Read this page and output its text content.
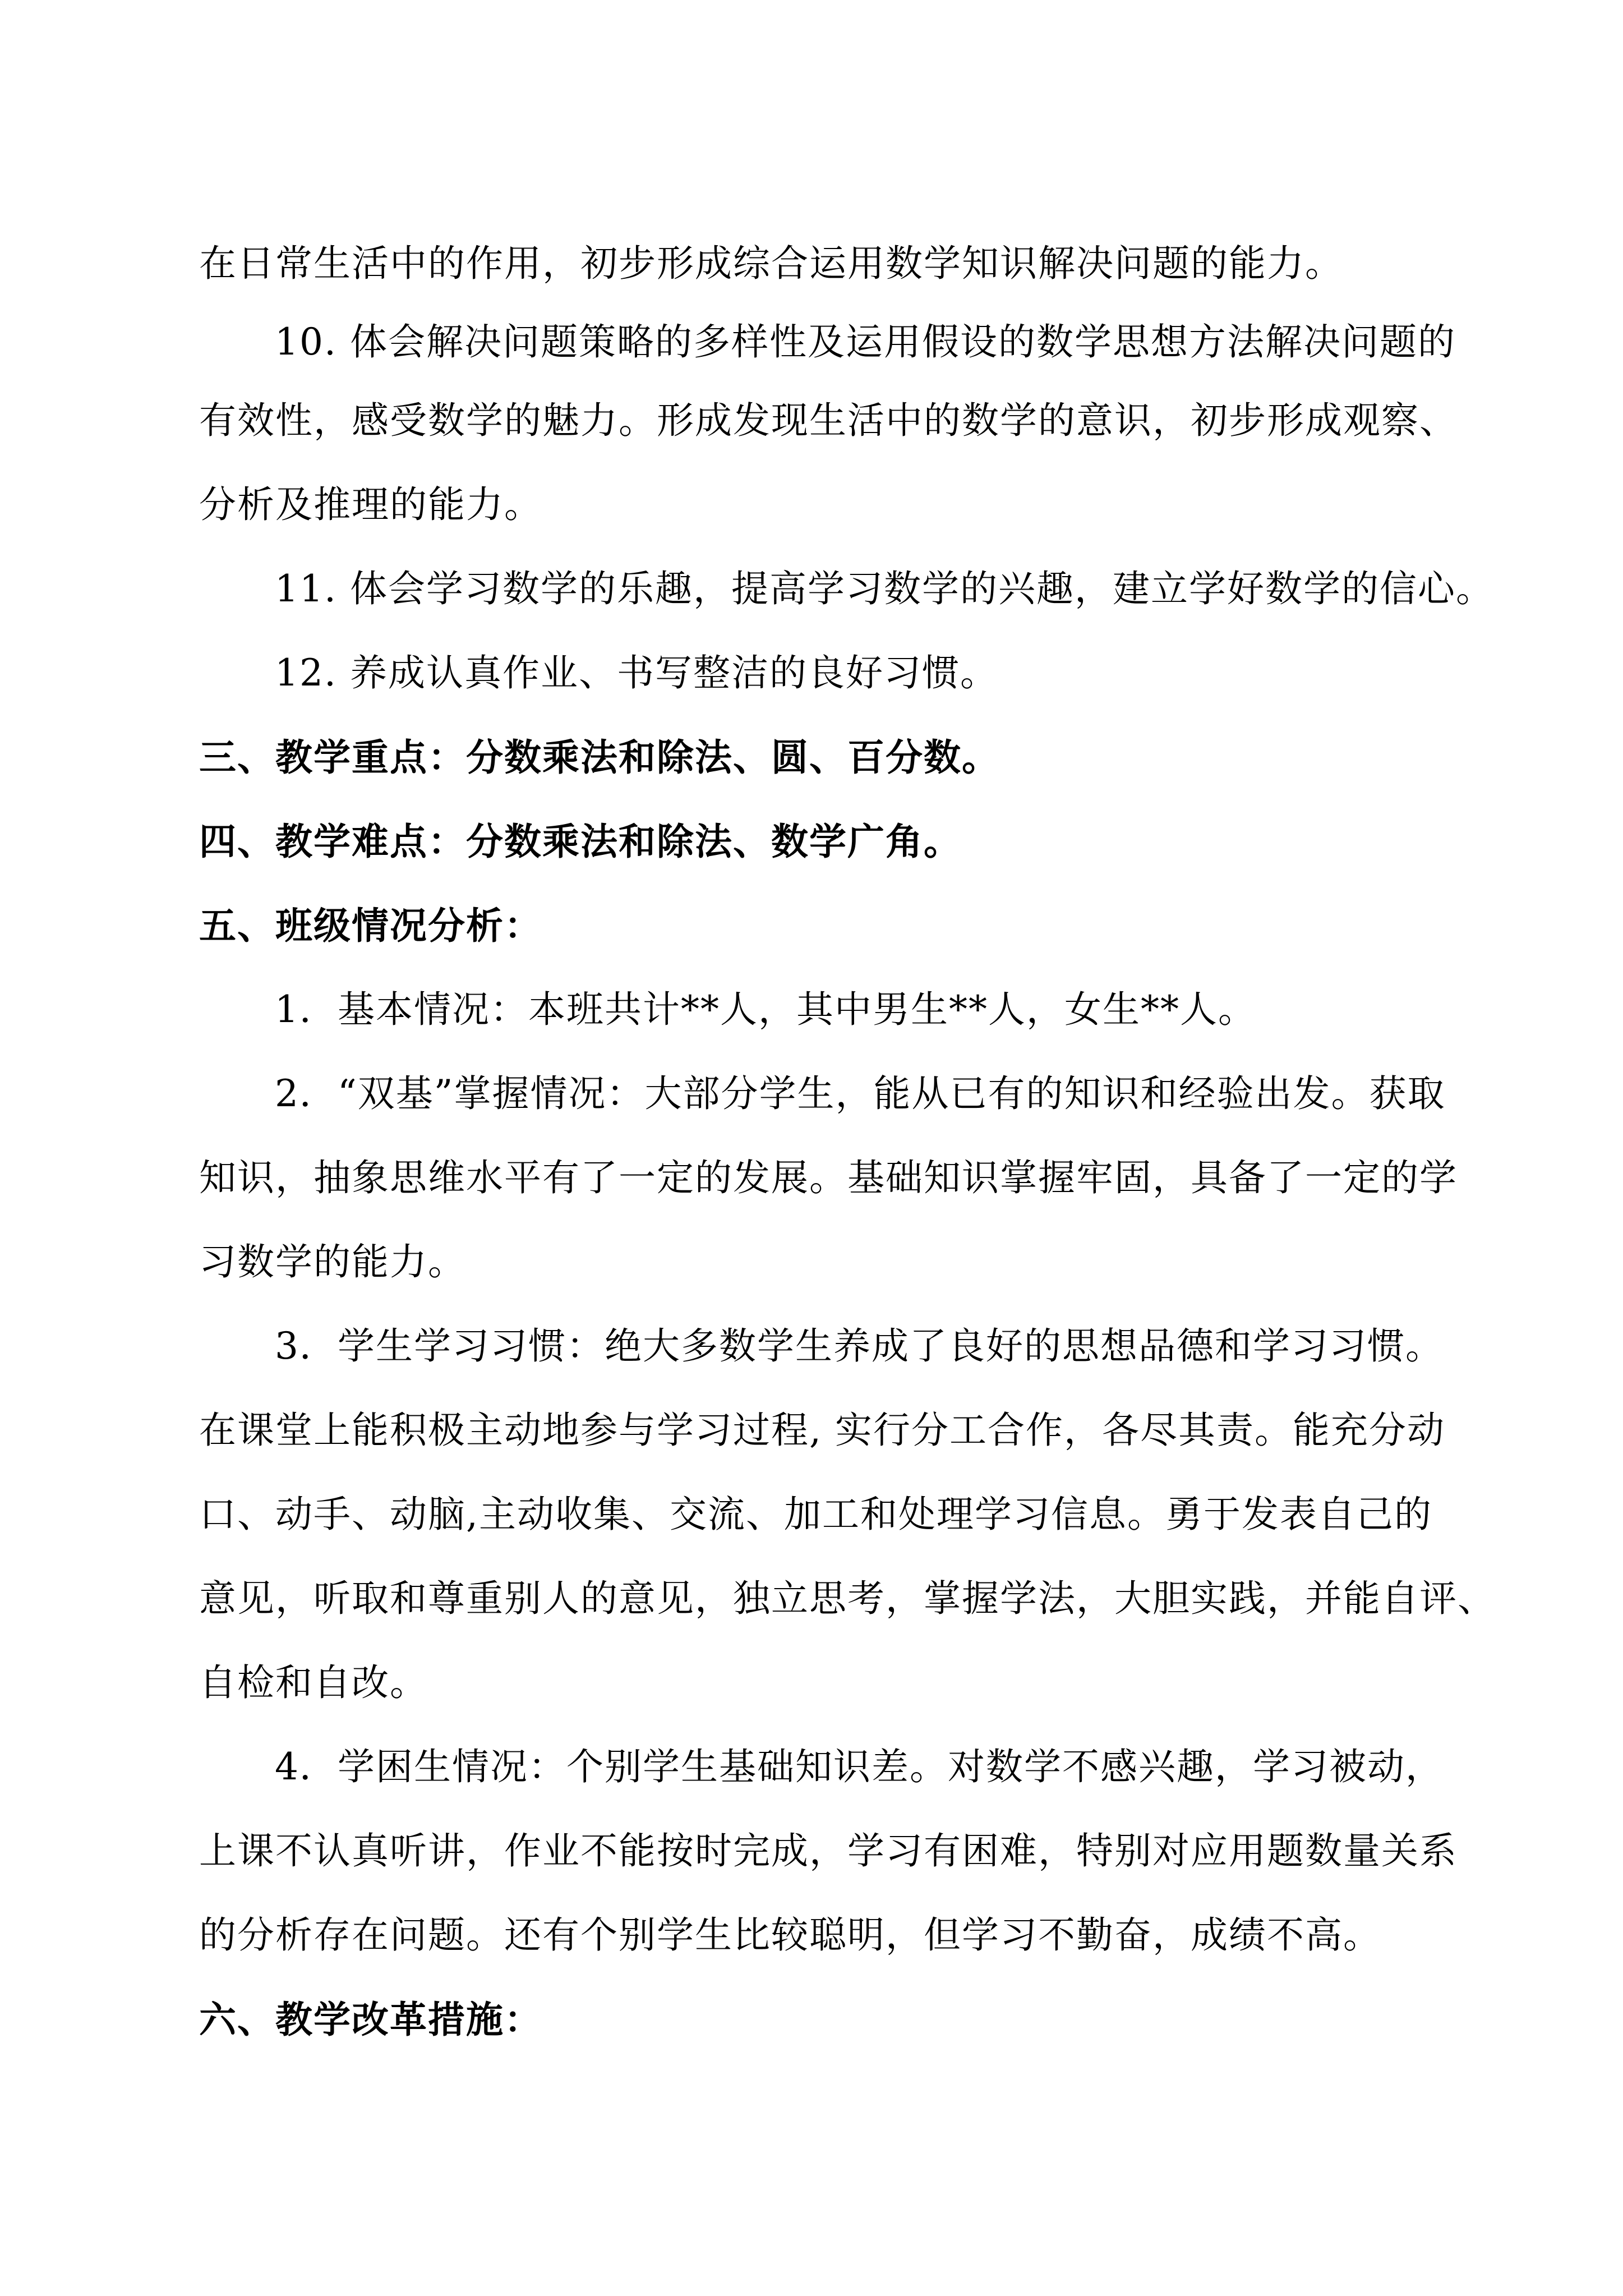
在日常生活中的作用，初步形成综合运用数学知识解决问题的能力。
10. 体会解决问题策略的多样性及运用假设的数学思想方法解决问题的
有效性，感受数学的魅力。形成发现生活中的数学的意识，初步形成观察、
分析及推理的能力。
11. 体会学习数学的乐趣，提高学习数学的兴趣，建立学好数学的信心。
12. 养成认真作业、书写整洁的良好习惯。
三、教学重点：分数乘法和除法、圆、百分数。
四、教学难点：分数乘法和除法、数学广角。
五、班级情况分析：
1．基本情况：本班共计**人，其中男生**人，女生**人。
2．“双基”掌握情况：大部分学生，能从已有的知识和经验出发。获取
知识，抽象思维水平有了一定的发展。基础知识掌握牢固，具备了一定的学
习数学的能力。
3．学生学习习惯：绝大多数学生养成了良好的思想品德和学习习惯。
在课堂上能积极主动地参与学习过程, 实行分工合作，各尽其责。能充分动
口、动手、动脑,主动收集、交流、加工和处理学习信息。勇于发表自己的
意见，听取和尊重别人的意见，独立思考，掌握学法，大胆实践，并能自评、
自检和自改。
4．学困生情况：个别学生基础知识差。对数学不感兴趣，学习被动，
上课不认真听讲，作业不能按时完成，学习有困难，特别对应用题数量关系
的分析存在问题。还有个别学生比较聪明，但学习不勤奋，成绩不高。
六、教学改革措施：
